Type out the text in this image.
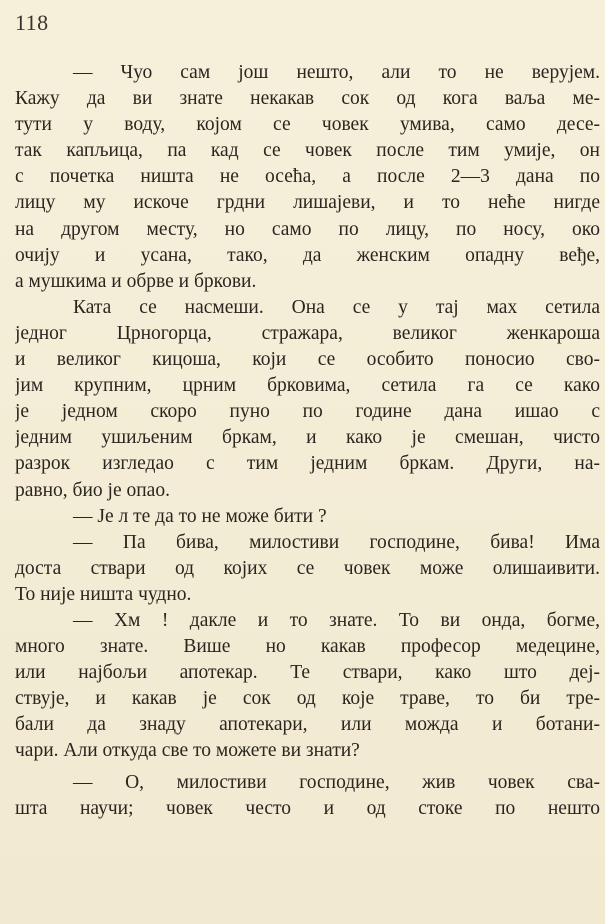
118
— Чуо сам још нешто, али то не верујем.
Кажу да ви знате некакав сок од кога ваља ме-
тути у воду, којом се човек умива, само десе-
так капљица, па кад се човек после тим умије, он
с почетка ништа не осећа, а после 2—3 дана по
лицу му искоче грдни лишајеви, и то неће нигде
на другом месту, но само по лицу, по носу, око
очију и усана, тако, да женским опадну веђе,
а мушкима и обрве и бркови.
Ката се насмеши. Она се у тај мах сетила
једног Црногорца, стражара, великог женкароша
и великог кицоша, који се особито поносио сво-
јим крупним, црним брковима, сетила га се како
је једном скоро пуно по године дана ишао с
једним ушиљеним бркам, и како је смешан, чисто
разрок изгледао с тим једним бркам. Други, на-
равно, био је опао.
— Је л те да то не може бити ?
— Па бива, милостиви господине, бива! Има
доста ствари од којих се човек може олишаивити.
То није ништа чудно.
— Хм ! дакле и то знате. То ви онда, богме,
много знате. Више но какав професор медецине,
или најбољи апотекар. Те ствари, како што деј-
ствује, и какав је сок од које траве, то би тре-
бали да знаду апотекари, или можда и ботани-
чари. Али откуда све то можете ви знати?
— О, милостиви господине, жив човек сва-
шта научи; човек често и од стоке по нешто
